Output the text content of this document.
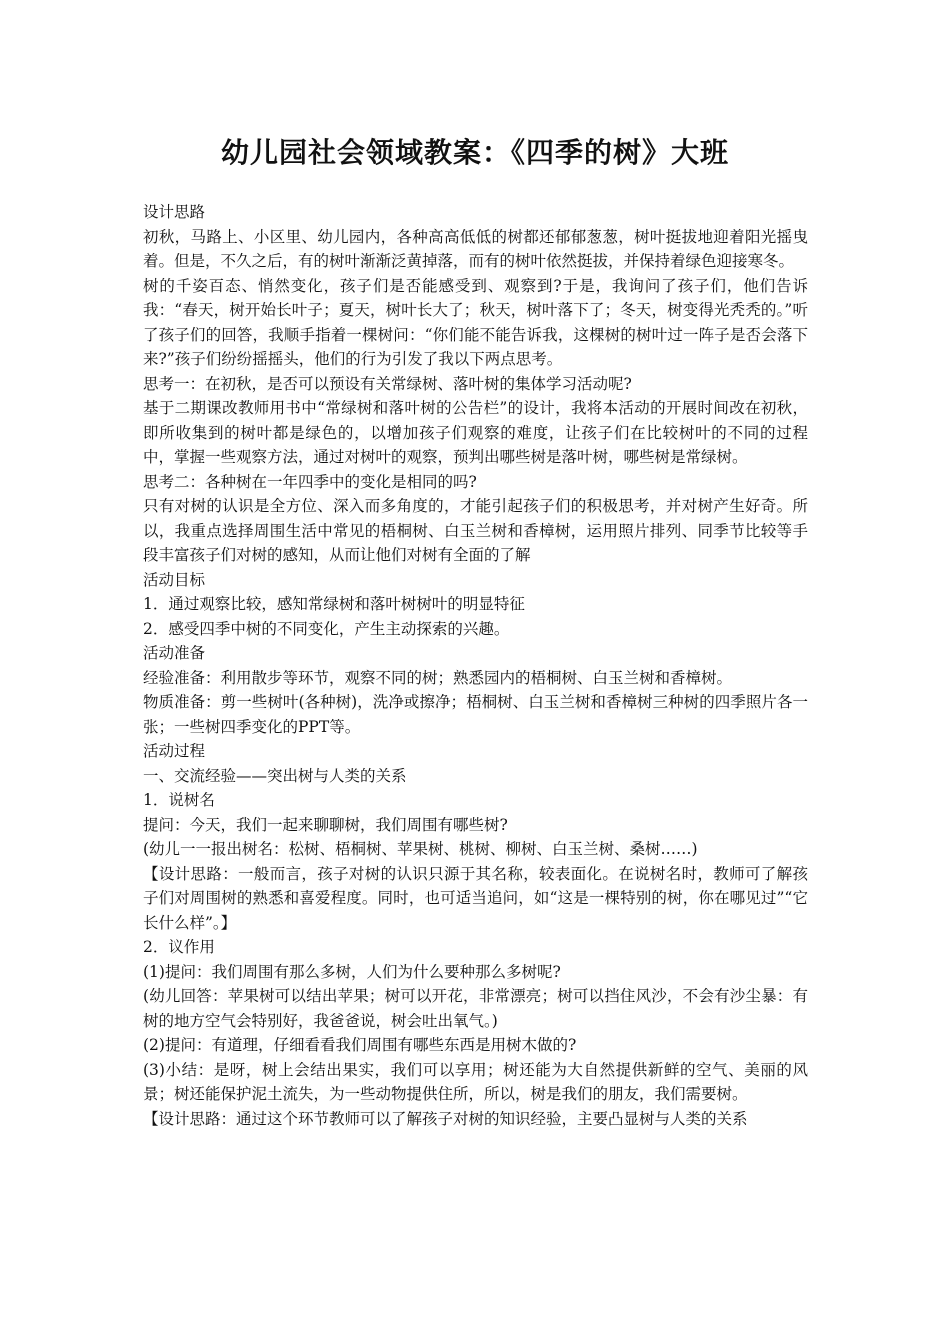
幼儿园社会领域教案：《四季的树》大班

设计思路

初秋，马路上、小区里、幼儿园内，各种高高低低的树都还郁郁葱葱，树叶挺拔地迎着阳光摇曳着。但是，不久之后，有的树叶渐渐泛黄掉落，而有的树叶依然挺拔，并保持着绿色迎接寒冬。

树的千姿百态、悄然变化，孩子们是否能感受到、观察到?于是，我询问了孩子们，他们告诉我：“春天，树开始长叶子；夏天，树叶长大了；秋天，树叶落下了；冬天，树变得光秃秃的。”听了孩子们的回答，我顺手指着一棵树问：“你们能不能告诉我，这棵树的树叶过一阵子是否会落下来?”孩子们纷纷摇摇头，他们的行为引发了我以下两点思考。

思考一：在初秋，是否可以预设有关常绿树、落叶树的集体学习活动呢?

基于二期课改教师用书中“常绿树和落叶树的公告栏”的设计，我将本活动的开展时间改在初秋，即所收集到的树叶都是绿色的，以增加孩子们观察的难度，让孩子们在比较树叶的不同的过程中，掌握一些观察方法，通过对树叶的观察，预判出哪些树是落叶树，哪些树是常绿树。

思考二：各种树在一年四季中的变化是相同的吗?

只有对树的认识是全方位、深入而多角度的，才能引起孩子们的积极思考，并对树产生好奇。所以，我重点选择周围生活中常见的梧桐树、白玉兰树和香樟树，运用照片排列、同季节比较等手段丰富孩子们对树的感知，从而让他们对树有全面的了解

活动目标

1．通过观察比较，感知常绿树和落叶树树叶的明显特征

2．感受四季中树的不同变化，产生主动探索的兴趣。

活动准备

经验准备：利用散步等环节，观察不同的树；熟悉园内的梧桐树、白玉兰树和香樟树。

物质准备：剪一些树叶(各种树)，洗净或擦净；梧桐树、白玉兰树和香樟树三种树的四季照片各一张；一些树四季变化的PPT等。

活动过程

一、交流经验——突出树与人类的关系

1．说树名

提问：今天，我们一起来聊聊树，我们周围有哪些树?

(幼儿一一报出树名：松树、梧桐树、苹果树、桃树、柳树、白玉兰树、桑树……)

【设计思路：一般而言，孩子对树的认识只源于其名称，较表面化。在说树名时，教师可了解孩子们对周围树的熟悉和喜爱程度。同时，也可适当追问，如“这是一棵特别的树，你在哪见过”“它长什么样”。】

2．议作用

(1)提问：我们周围有那么多树，人们为什么要种那么多树呢?

(幼儿回答：苹果树可以结出苹果；树可以开花，非常漂亮；树可以挡住风沙，不会有沙尘暴：有树的地方空气会特别好，我爸爸说，树会吐出氧气。)

(2)提问：有道理，仔细看看我们周围有哪些东西是用树木做的?

(3)小结：是呀，树上会结出果实，我们可以享用；树还能为大自然提供新鲜的空气、美丽的风景；树还能保护泥土流失，为一些动物提供住所，所以，树是我们的朋友，我们需要树。

【设计思路：通过这个环节教师可以了解孩子对树的知识经验，主要凸显树与人类的关系
